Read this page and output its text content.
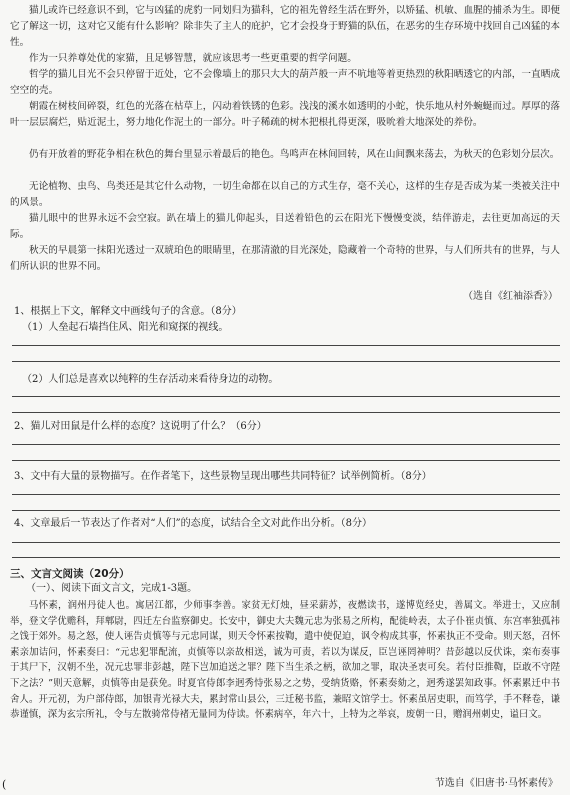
猫儿或许已经意识不到，它与凶猛的虎豹一同划归为猫科，它的祖先曾经生活在野外，以矫猛、机敏、血腥的捕杀为生。即便它了解这一切，这对它又能有什么影响？除非失了主人的庇护，它才会投身于野猫的队伍，在恶劣的生存环境中找回自己凶猛的本性。

作为一只养尊处优的家猫，且足够智慧，就应该思考一些更重要的哲学问题。

哲学的猫儿目光不会只停留于近处，它不会像墙上的那只大大的葫芦般一声不吭地等着更热烈的秋阳晒透它的内部，一直晒成空空的壳。

朝霞在树枝间碎裂，红色的光落在枯草上，闪动着铁锈的色彩。浅浅的溪水如透明的小蛇，快乐地从村外蜿蜒而过。厚厚的落叶一层层腐烂，贴近泥土，努力地化作泥土的一部分。叶子稀疏的树木把根扎得更深，吸吮着大地深处的养份。

仍有开放着的野花争相在秋色的舞台里显示着最后的艳色。鸟鸣声在林间回转，风在山间飘来荡去，为秋天的色彩划分层次。

无论植物、虫鸟、鸟类还是其它什么动物，一切生命都在以自己的方式生存，毫不关心，这样的生存是否成为某一类被关注中的风景。

猫儿眼中的世界永远不会空寂。趴在墙上的猫儿仰起头，目送着铅色的云在阳光下慢慢变淡，结伴游走，去往更加高远的天际。

秋天的早晨第一抹阳光透过一双琥珀色的眼睛里，在那清澈的目光深处，隐藏着一个奇特的世界，与人们所共有的世界，与人们所认识的世界不同。

（选自《红袖添香》）

1、根据上下文，解释文中画线句子的含意。（8分）

（1）人垒起石墙挡住风、阳光和窥探的视线。

（2）人们总是喜欢以纯粹的生存活动来看待身边的动物。

2、猫儿对田鼠是什么样的态度？这说明了什么？（6分）

3、文中有大量的景物描写。在作者笔下，这些景物呈现出哪些共同特征？试举例简析。（8分）

4、文章最后一节表达了作者对“人们”的态度，试结合全文对此作出分析。（8分）

三、文言文阅读（20分）
（一）、阅读下面文言文，完成1-3题。

马怀素，润州丹徒人也。寓居江都，少师事李善。家贫无灯烛，昼采薪苏，夜燃读书，遂博览经史，善属文。举进士，又应制举，登文学优赡科，拜郫尉，四迁左台监察御史。长安中，御史大夫魏元忠为张易之所构，配徙岭表，太子仆崔贞慎、东宫率独孤祎之饯于郊外。易之怒，使人诬告贞慎等与元忠同谋，则天令怀素按鞫，遣中使促迫，讽令构成其事，怀素执正不受命。则天怒，召怀素亲加诘问，怀素奏曰：“元忠犯罪配流，贞慎等以亲故相送，诚为可责，若以为谋反，臣岂诬罔神明？昔彭越以反伏诛，栾布奏事于其尸下，汉朝不坐，况元忠罪非彭越，陛下岂加追送之罪？陛下当生杀之柄，欲加之罪，取决圣衷可矣。若付臣推鞫，臣敢不守陛下之法？”则天意解，贞慎等由是获免。时夏官侍郎李迥秀恃张易之之势，受纳货赂，怀素奏劾之，迥秀遂罢知政事。怀素累迁中书舍人。开元初，为户部侍郎，加银青光禄大夫，累封常山县公，三迁秘书监，兼昭文馆学士。怀素虽居吏职，而笃学，手不释卷，谦恭谨慎，深为玄宗所礼，令与左散骑常侍褚无量同为侍读。怀素病卒，年六十，上特为之举哀，废朝一日，赠润州刺史，谥曰文。

(	节选自《旧唐书·马怀素传》
